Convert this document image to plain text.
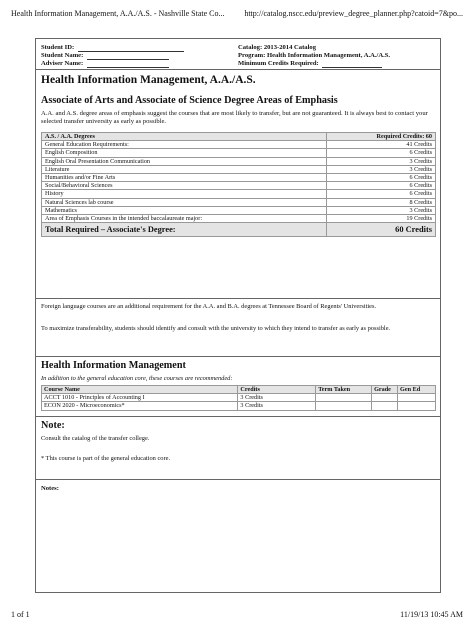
Health Information Management, A.A./A.S. - Nashville State Co... http://catalog.nscc.edu/preview_degree_planner.php?catoid=7&po...
Student ID:
Student Name:
Adviser Name:
Catalog: 2013-2014 Catalog
Program: Health Information Management, A.A./A.S.
Minimum Credits Required:
Health Information Management, A.A./A.S.
Associate of Arts and Associate of Science Degree Areas of Emphasis

A.A. and A.S. degree areas of emphasis suggest the courses that are most likely to transfer, but are not guaranteed. It is always best to contact your selected transfer university as early as possible.

A.S. / A.A. Degrees	Required Credits: 60
General Education Requirements:	41 Credits
English Composition	6 Credits
English Oral Presentation Communication	3 Credits
Literature	3 Credits
Humanities and/or Fine Arts	6 Credits
Social/Behavioral Sciences	6 Credits
History	6 Credits
Natural Sciences lab course	8 Credits
Mathematics	3 Credits
Area of Emphasis Courses in the intended baccalaureate major:	19 Credits
Total Required – Associate's Degree:	60 Credits

Foreign language courses are an additional requirement for the A.A. and B.A. degrees at Tennessee Board of Regents' Universities.

To maximize transferability, students should identify and consult with the university to which they intend to transfer as early as possible.

Health Information Management

In addition to the general education core, these courses are recommended:

Course Name	Credits	Term Taken	Grade	Gen Ed
ACCT 1010 - Principles of Accounting I	3 Credits			
ECON 2020 - Microeconomics*	3 Credits			
Note:

Consult the catalog of the transfer college.

* This course is part of the general education core.

Notes:
1 of 1	11/19/13 10:45 AM
